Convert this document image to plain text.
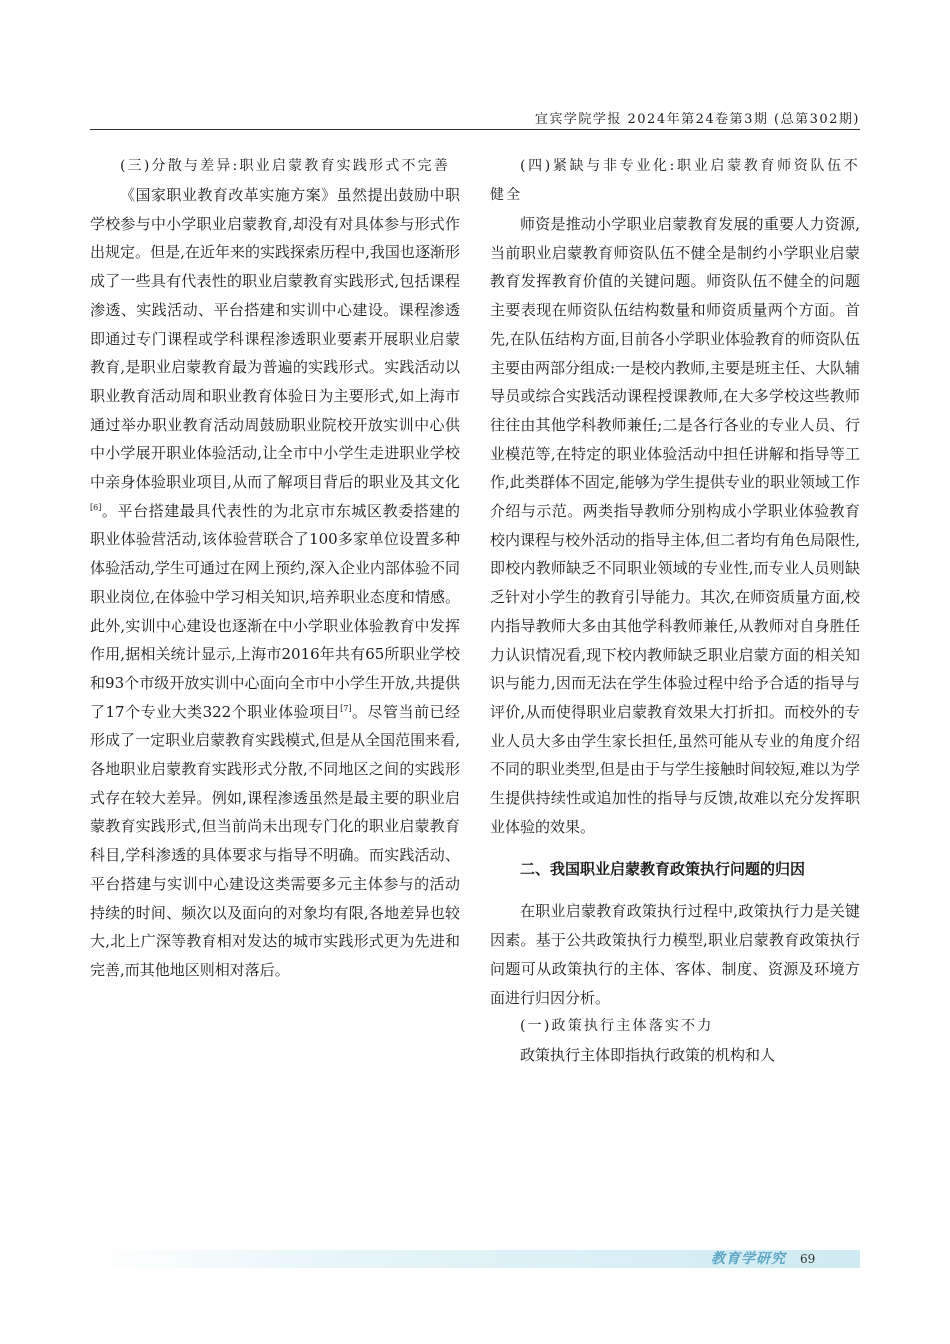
宜宾学院学报 2024年第24卷第3期 (总第302期)

(三)分散与差异:职业启蒙教育实践形式不完善

《国家职业教育改革实施方案》虽然提出鼓励中职学校参与中小学职业启蒙教育,却没有对具体参与形式作出规定。但是,在近年来的实践探索历程中,我国也逐渐形成了一些具有代表性的职业启蒙教育实践形式,包括课程渗透、实践活动、平台搭建和实训中心建设。课程渗透即通过专门课程或学科课程渗透职业要素开展职业启蒙教育,是职业启蒙教育最为普遍的实践形式。实践活动以职业教育活动周和职业教育体验日为主要形式,如上海市通过举办职业教育活动周鼓励职业院校开放实训中心供中小学展开职业体验活动,让全市中小学生走进职业学校中亲身体验职业项目,从而了解项目背后的职业及其文化[6]。平台搭建最具代表性的为北京市东城区教委搭建的职业体验营活动,该体验营联合了100多家单位设置多种体验活动,学生可通过在网上预约,深入企业内部体验不同职业岗位,在体验中学习相关知识,培养职业态度和情感。此外,实训中心建设也逐渐在中小学职业体验教育中发挥作用,据相关统计显示,上海市2016年共有65所职业学校和93个市级开放实训中心面向全市中小学生开放,共提供了17个专业大类322个职业体验项目[7]。尽管当前已经形成了一定职业启蒙教育实践模式,但是从全国范围来看,各地职业启蒙教育实践形式分散,不同地区之间的实践形式存在较大差异。例如,课程渗透虽然是最主要的职业启蒙教育实践形式,但当前尚未出现专门化的职业启蒙教育科目,学科渗透的具体要求与指导不明确。而实践活动、平台搭建与实训中心建设这类需要多元主体参与的活动持续的时间、频次以及面向的对象均有限,各地差异也较大,北上广深等教育相对发达的城市实践形式更为先进和完善,而其他地区则相对落后。

(四)紧缺与非专业化:职业启蒙教育师资队伍不健全

师资是推动小学职业启蒙教育发展的重要人力资源,当前职业启蒙教育师资队伍不健全是制约小学职业启蒙教育发挥教育价值的关键问题。师资队伍不健全的问题主要表现在师资队伍结构数量和师资质量两个方面。首先,在队伍结构方面,目前各小学职业体验教育的师资队伍主要由两部分组成:一是校内教师,主要是班主任、大队辅导员或综合实践活动课程授课教师,在大多学校这些教师往往由其他学科教师兼任;二是各行各业的专业人员、行业模范等,在特定的职业体验活动中担任讲解和指导等工作,此类群体不固定,能够为学生提供专业的职业领域工作介绍与示范。两类指导教师分别构成小学职业体验教育校内课程与校外活动的指导主体,但二者均有角色局限性,即校内教师缺乏不同职业领域的专业性,而专业人员则缺乏针对小学生的教育引导能力。其次,在师资质量方面,校内指导教师大多由其他学科教师兼任,从教师对自身胜任力认识情况看,现下校内教师缺乏职业启蒙方面的相关知识与能力,因而无法在学生体验过程中给予合适的指导与评价,从而使得职业启蒙教育效果大打折扣。而校外的专业人员大多由学生家长担任,虽然可能从专业的角度介绍不同的职业类型,但是由于与学生接触时间较短,难以为学生提供持续性或追加性的指导与反馈,故难以充分发挥职业体验的效果。

二、我国职业启蒙教育政策执行问题的归因

在职业启蒙教育政策执行过程中,政策执行力是关键因素。基于公共政策执行力模型,职业启蒙教育政策执行问题可从政策执行的主体、客体、制度、资源及环境方面进行归因分析。

(一)政策执行主体落实不力

政策执行主体即指执行政策的机构和人

教育学研究 69
